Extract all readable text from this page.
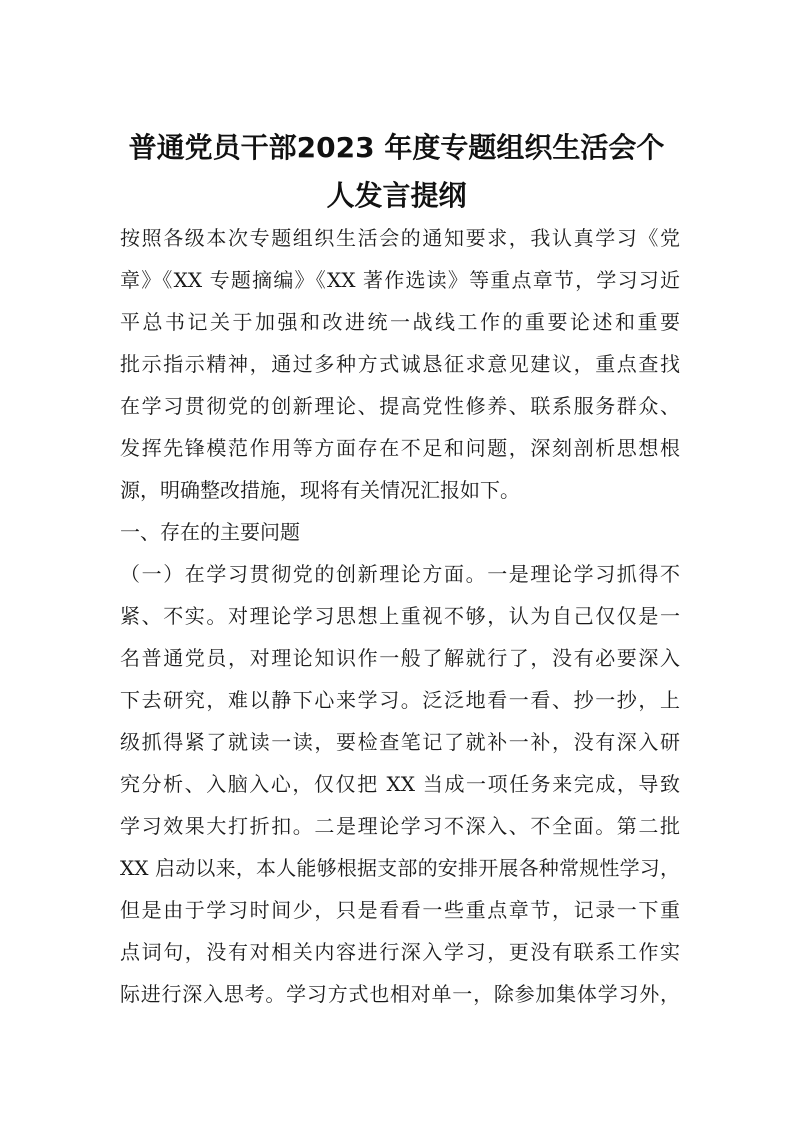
普通党员干部2023 年度专题组织生活会个
人发言提纲
按照各级本次专题组织生活会的通知要求，我认真学习《党
章》《XX 专题摘编》《XX 著作选读》等重点章节，学习习近
平总书记关于加强和改进统一战线工作的重要论述和重要
批示指示精神，通过多种方式诚恳征求意见建议，重点查找
在学习贯彻党的创新理论、提高党性修养、联系服务群众、
发挥先锋模范作用等方面存在不足和问题，深刻剖析思想根
源，明确整改措施，现将有关情况汇报如下。
一、存在的主要问题
（一）在学习贯彻党的创新理论方面。一是理论学习抓得不
紧、不实。对理论学习思想上重视不够，认为自己仅仅是一
名普通党员，对理论知识作一般了解就行了，没有必要深入
下去研究，难以静下心来学习。泛泛地看一看、抄一抄，上
级抓得紧了就读一读，要检查笔记了就补一补，没有深入研
究分析、入脑入心，仅仅把 XX 当成一项任务来完成，导致
学习效果大打折扣。二是理论学习不深入、不全面。第二批
XX 启动以来，本人能够根据支部的安排开展各种常规性学习，
但是由于学习时间少，只是看看一些重点章节，记录一下重
点词句，没有对相关内容进行深入学习，更没有联系工作实
际进行深入思考。学习方式也相对单一，除参加集体学习外，
